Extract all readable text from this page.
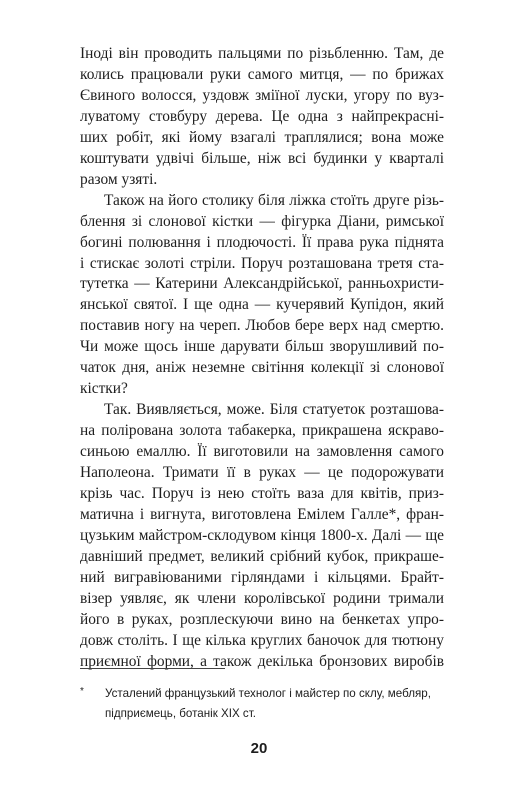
Іноді він проводить пальцями по різьбленню. Там, де
колись працювали руки самого митця, — по брижах
Євиного волосся, уздовж зміїної луски, угору по вуз-
луватому стовбуру дерева. Це одна з найпрекрасні-
ших робіт, які йому взагалі траплялися; вона може
коштувати удвічі більше, ніж всі будинки у кварталі
разом узяті.
Також на його столику біля ліжка стоїть друге різь-
блення зі слонової кістки — фігурка Діани, римської
богині полювання і плодючості. Її права рука піднята
і стискає золоті стріли. Поруч розташована третя ста-
тутетка — Катерини Александрійської, ранньохристи-
янської святої. І ще одна — кучерявий Купідон, який
поставив ногу на череп. Любов бере верх над смертю.
Чи може щось інше дарувати більш зворушливий по-
чаток дня, аніж неземне світіння колекції зі слонової
кістки?
Так. Виявляється, може. Біля статуеток розташова-
на полірована золота табакерка, прикрашена яскраво-
синьою емаллю. Її виготовили на замовлення самого
Наполеона. Тримати її в руках — це подорожувати
крізь час. Поруч із нею стоїть ваза для квітів, приз-
матична і вигнута, виготовлена Емілем Галле*, фран-
цузьким майстром-склодувом кінця 1800-х. Далі — ще
давніший предмет, великий срібний кубок, прикраше-
ний вигравіюваними гірляндами і кільцями. Брайт-
візер уявляє, як члени королівської родини тримали
його в руках, розплескуючи вино на бенкетах упро-
довж століть. І ще кілька круглих баночок для тютюну
приємної форми, а також декілька бронзових виробів
*	Усталений французький технолог і майстер по склу, мебляр,
підприємець, ботанік XIX ст.
20
